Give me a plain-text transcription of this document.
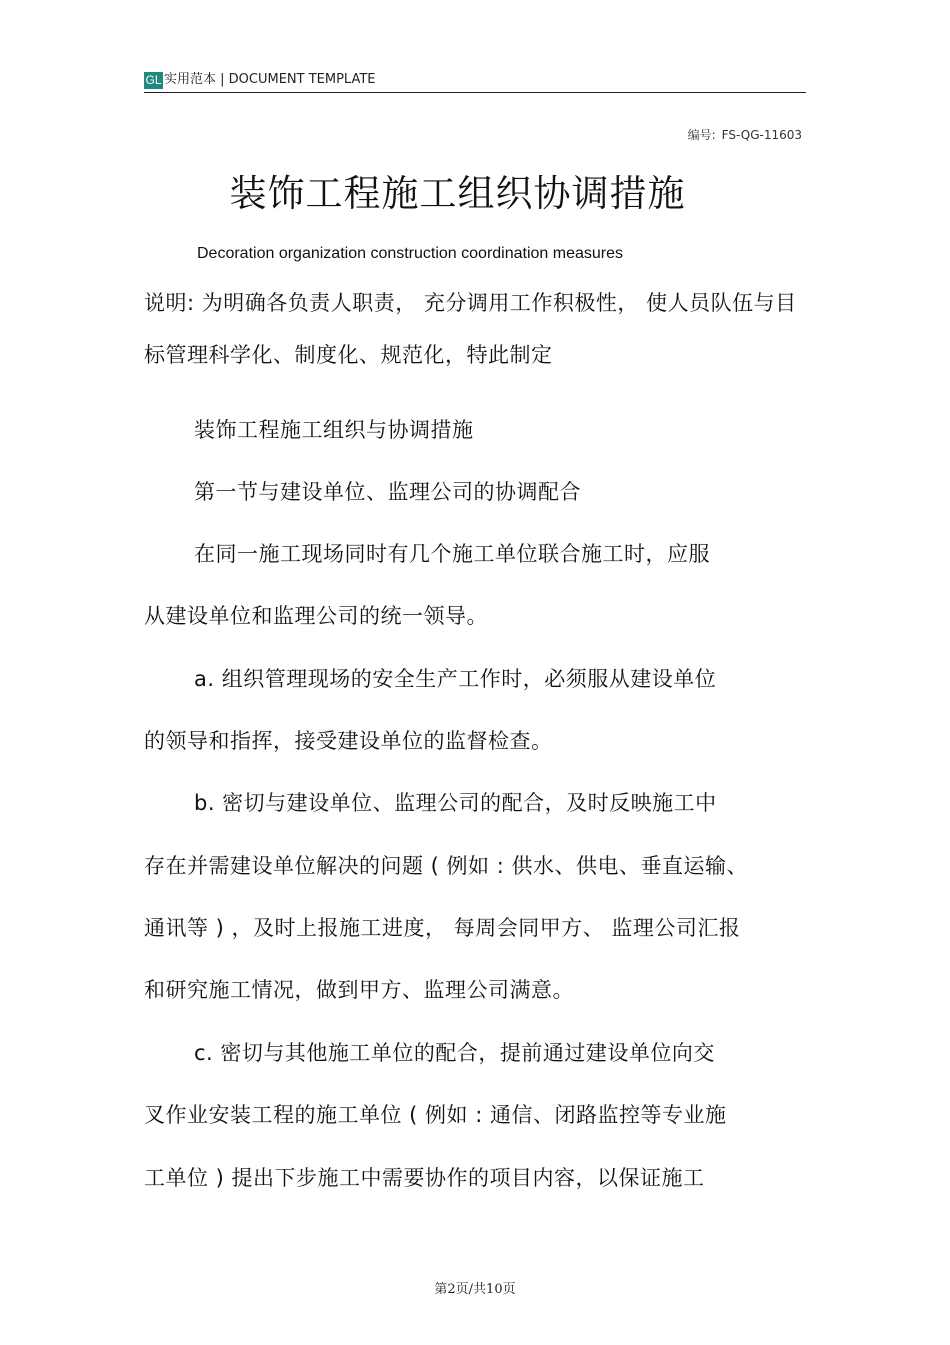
GL 实用范本 | DOCUMENT TEMPLATE
编号: FS-QG-11603
装饰工程施工组织协调措施
Decoration organization construction coordination measures
说明: 为明确各负责人职责， 充分调用工作积极性， 使人员队伍与目
标管理科学化、制度化、规范化，特此制定
装饰工程施工组织与协调措施
第一节与建设单位、监理公司的协调配合
在同一施工现场同时有几个施工单位联合施工时，应服
从建设单位和监理公司的统一领导。
a. 组织管理现场的安全生产工作时，必须服从建设单位
的领导和指挥，接受建设单位的监督检查。
b. 密切与建设单位、监理公司的配合，及时反映施工中
存在并需建设单位解决的问题 ( 例如 : 供水、供电、垂直运输、
通讯等 ) ，及时上报施工进度， 每周会同甲方、 监理公司汇报
和研究施工情况，做到甲方、监理公司满意。
c. 密切与其他施工单位的配合，提前通过建设单位向交
叉作业安装工程的施工单位 ( 例如 : 通信、闭路监控等专业施
工单位 ) 提出下步施工中需要协作的项目内容，以保证施工
第2页/共10页
